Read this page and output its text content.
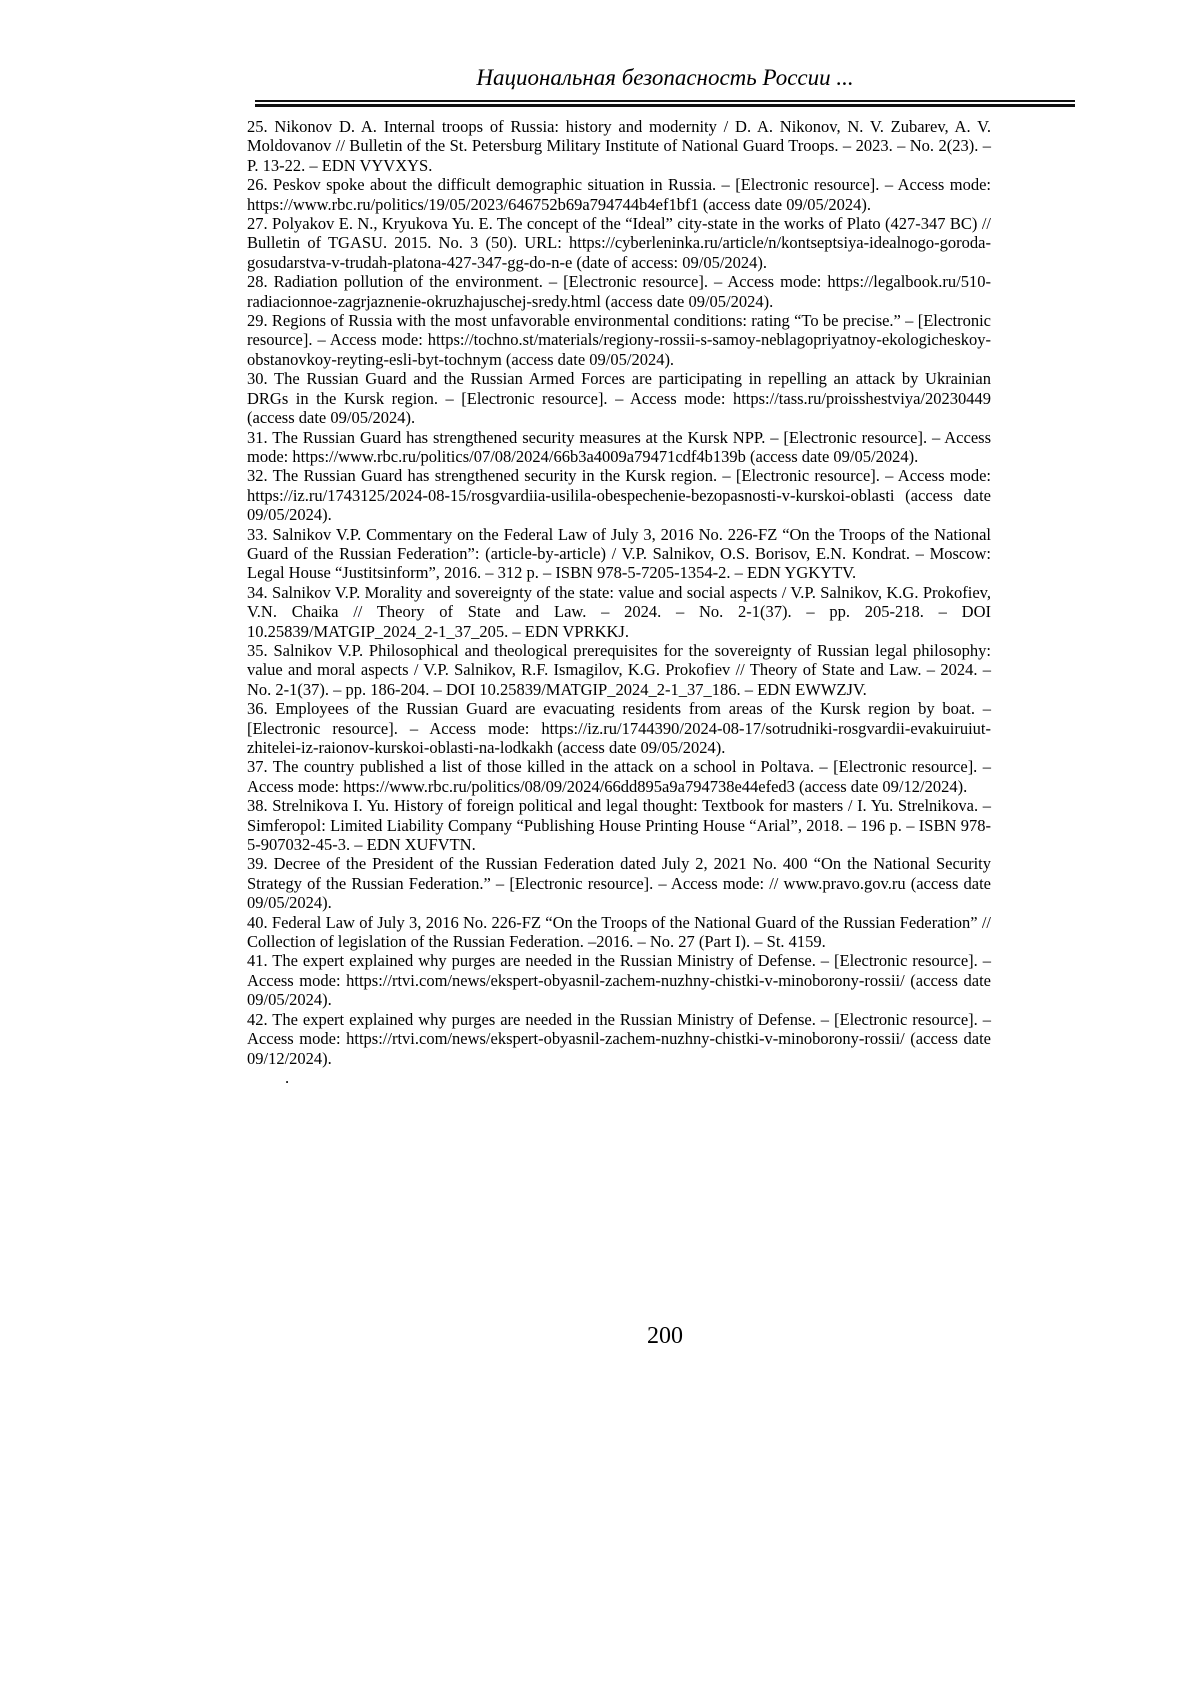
Национальная безопасность России ...

25. Nikonov D. A. Internal troops of Russia: history and modernity / D. A. Nikonov, N. V. Zubarev, A. V. Moldovanov // Bulletin of the St. Petersburg Military Institute of National Guard Troops. – 2023. – No. 2(23). – P. 13-22. – EDN VYVXYS.

26. Peskov spoke about the difficult demographic situation in Russia. – [Electronic resource]. – Access mode: https://www.rbc.ru/politics/19/05/2023/646752b69a794744b4ef1bf1 (access date 09/05/2024).

27. Polyakov E. N., Kryukova Yu. E. The concept of the “Ideal” city-state in the works of Plato (427-347 BC) // Bulletin of TGASU. 2015. No. 3 (50). URL: https://cyberleninka.ru/article/n/kontseptsiya-idealnogo-goroda-gosudarstva-v-trudah-platona-427-347-gg-do-n-e (date of access: 09/05/2024).

28. Radiation pollution of the environment. – [Electronic resource]. – Access mode: https://legalbook.ru/510-radiacionnoe-zagrjaznenie-okruzhajuschej-sredy.html (access date 09/05/2024).

29. Regions of Russia with the most unfavorable environmental conditions: rating “To be precise.” – [Electronic resource]. – Access mode: https://tochno.st/materials/regiony-rossii-s-samoy-neblagopriyatnoy-ekologicheskoy-obstanovkoy-reyting-esli-byt-tochnym (access date 09/05/2024).

30. The Russian Guard and the Russian Armed Forces are participating in repelling an attack by Ukrainian DRGs in the Kursk region. – [Electronic resource]. – Access mode: https://tass.ru/proisshestviya/20230449 (access date 09/05/2024).

31. The Russian Guard has strengthened security measures at the Kursk NPP. – [Electronic resource]. – Access mode: https://www.rbc.ru/politics/07/08/2024/66b3a4009a79471cdf4b139b (access date 09/05/2024).

32. The Russian Guard has strengthened security in the Kursk region. – [Electronic resource]. – Access mode: https://iz.ru/1743125/2024-08-15/rosgvardiia-usilila-obespechenie-bezopasnosti-v-kurskoi-oblasti (access date 09/05/2024).

33. Salnikov V.P. Commentary on the Federal Law of July 3, 2016 No. 226-FZ “On the Troops of the National Guard of the Russian Federation”: (article-by-article) / V.P. Salnikov, O.S. Borisov, E.N. Kondrat. – Moscow: Legal House “Justitsinform”, 2016. – 312 p. – ISBN 978-5-7205-1354-2. – EDN YGKYTV.

34. Salnikov V.P. Morality and sovereignty of the state: value and social aspects / V.P. Salnikov, K.G. Prokofiev, V.N. Chaika // Theory of State and Law. – 2024. – No. 2-1(37). – pp. 205-218. – DOI 10.25839/MATGIP_2024_2-1_37_205. – EDN VPRKKJ.

35. Salnikov V.P. Philosophical and theological prerequisites for the sovereignty of Russian legal philosophy: value and moral aspects / V.P. Salnikov, R.F. Ismagilov, K.G. Prokofiev // Theory of State and Law. – 2024. – No. 2-1(37). – pp. 186-204. – DOI 10.25839/MATGIP_2024_2-1_37_186. – EDN EWWZJV.

36. Employees of the Russian Guard are evacuating residents from areas of the Kursk region by boat. – [Electronic resource]. – Access mode: https://iz.ru/1744390/2024-08-17/sotrudniki-rosgvardii-evakuiruiut-zhitelei-iz-raionov-kurskoi-oblasti-na-lodkakh (access date 09/05/2024).

37. The country published a list of those killed in the attack on a school in Poltava. – [Electronic resource]. – Access mode: https://www.rbc.ru/politics/08/09/2024/66dd895a9a794738e44efed3 (access date 09/12/2024).

38. Strelnikova I. Yu. History of foreign political and legal thought: Textbook for masters / I. Yu. Strelnikova. – Simferopol: Limited Liability Company “Publishing House Printing House “Arial”, 2018. – 196 p. – ISBN 978-5-907032-45-3. – EDN XUFVTN.

39. Decree of the President of the Russian Federation dated July 2, 2021 No. 400 “On the National Security Strategy of the Russian Federation.” – [Electronic resource]. – Access mode: // www.pravo.gov.ru (access date 09/05/2024).

40. Federal Law of July 3, 2016 No. 226-FZ “On the Troops of the National Guard of the Russian Federation” // Collection of legislation of the Russian Federation. –2016. – No. 27 (Part I). – St. 4159.

41. The expert explained why purges are needed in the Russian Ministry of Defense. – [Electronic resource]. – Access mode: https://rtvi.com/news/ekspert-obyasnil-zachem-nuzhny-chistki-v-minoborony-rossii/ (access date 09/05/2024).

42. The expert explained why purges are needed in the Russian Ministry of Defense. – [Electronic resource]. – Access mode: https://rtvi.com/news/ekspert-obyasnil-zachem-nuzhny-chistki-v-minoborony-rossii/ (access date 09/12/2024).

.

200
